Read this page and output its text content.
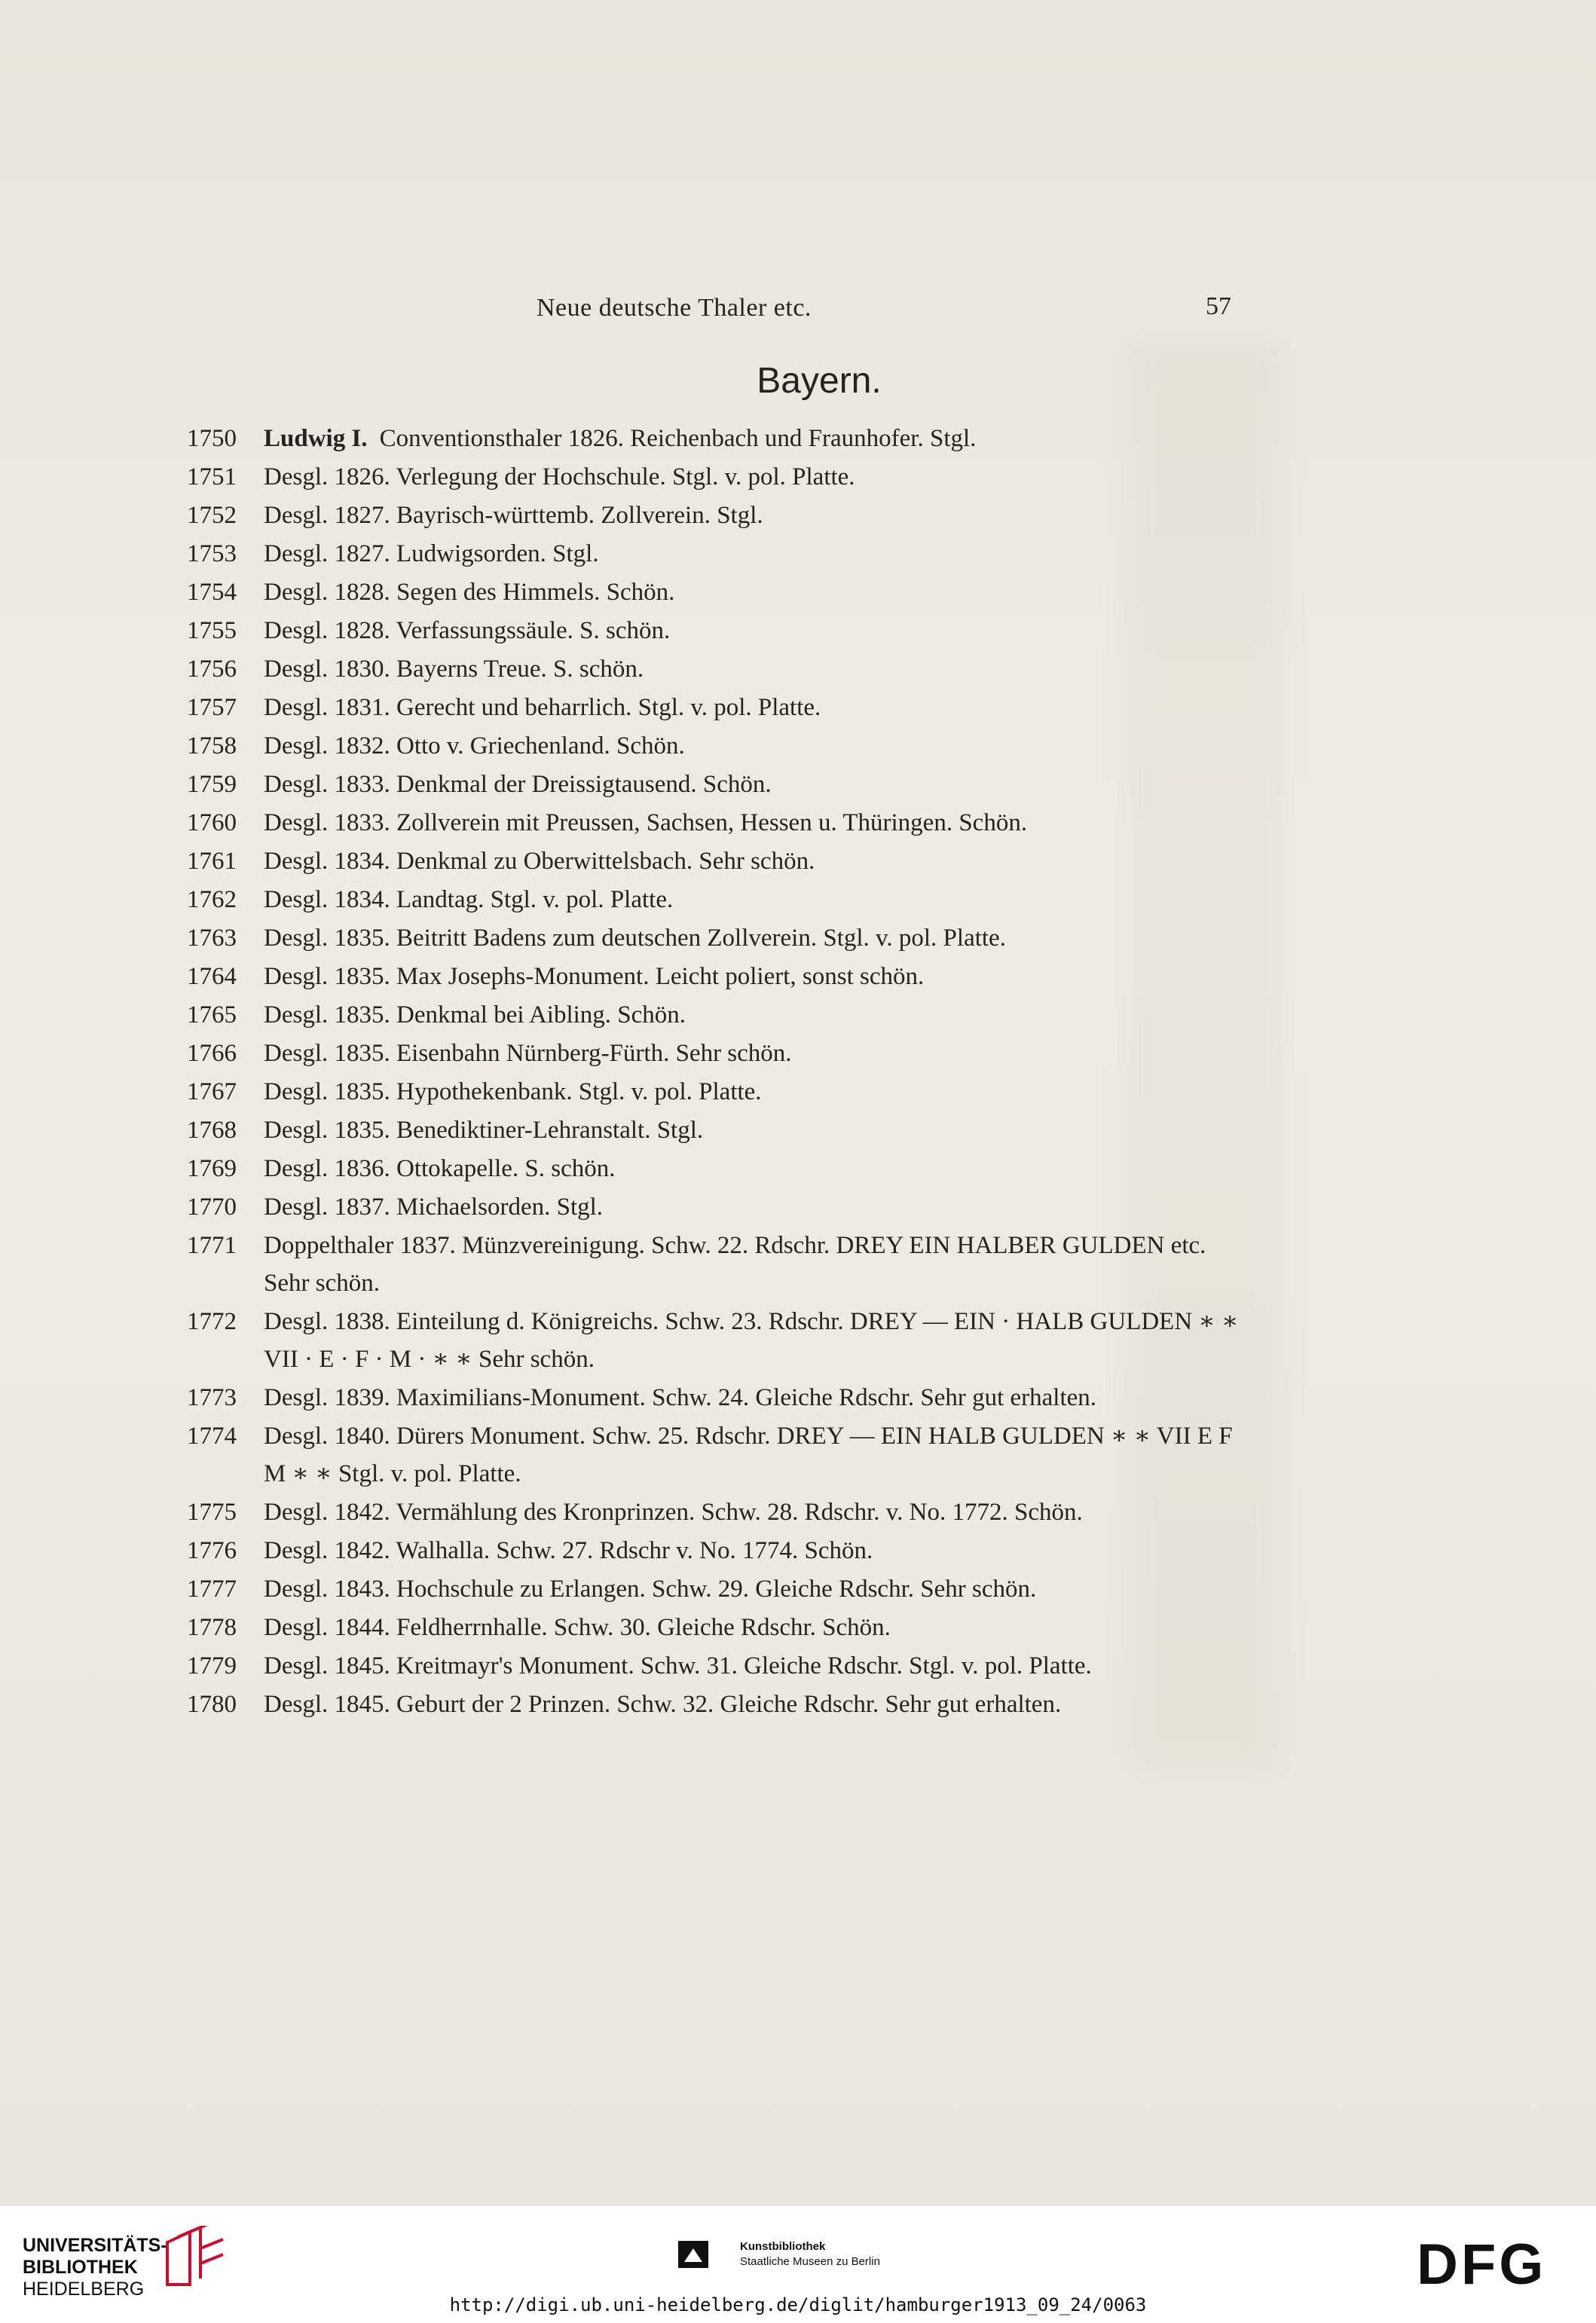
Neue deutsche Thaler etc.	57
Bayern.
1750	Ludwig I. Conventionsthaler 1826. Reichenbach und Fraunhofer. Stgl.
1751	Desgl. 1826. Verlegung der Hochschule. Stgl. v. pol. Platte.
1752	Desgl. 1827. Bayrisch-württemb. Zollverein. Stgl.
1753	Desgl. 1827. Ludwigsorden. Stgl.
1754	Desgl. 1828. Segen des Himmels. Schön.
1755	Desgl. 1828. Verfassungssäule. S. schön.
1756	Desgl. 1830. Bayerns Treue. S. schön.
1757	Desgl. 1831. Gerecht und beharrlich. Stgl. v. pol. Platte.
1758	Desgl. 1832. Otto v. Griechenland. Schön.
1759	Desgl. 1833. Denkmal der Dreissigtausend. Schön.
1760	Desgl. 1833. Zollverein mit Preussen, Sachsen, Hessen u. Thüringen. Schön.
1761	Desgl. 1834. Denkmal zu Oberwittelsbach. Sehr schön.
1762	Desgl. 1834. Landtag. Stgl. v. pol. Platte.
1763	Desgl. 1835. Beitritt Badens zum deutschen Zollverein. Stgl. v. pol. Platte.
1764	Desgl. 1835. Max Josephs-Monument. Leicht poliert, sonst schön.
1765	Desgl. 1835. Denkmal bei Aibling. Schön.
1766	Desgl. 1835. Eisenbahn Nürnberg-Fürth. Sehr schön.
1767	Desgl. 1835. Hypothekenbank. Stgl. v. pol. Platte.
1768	Desgl. 1835. Benediktiner-Lehranstalt. Stgl.
1769	Desgl. 1836. Ottokapelle. S. schön.
1770	Desgl. 1837. Michaelsorden. Stgl.
1771	Doppelthaler 1837. Münzvereinigung. Schw. 22. Rdschr. DREY EIN HALBER GULDEN etc. Sehr schön.
1772	Desgl. 1838. Einteilung d. Königreichs. Schw. 23. Rdschr. DREY — EIN · HALB GULDEN ∗ ∗ VII · E · F · M · ∗ ∗ Sehr schön.
1773	Desgl. 1839. Maximilians-Monument. Schw. 24. Gleiche Rdschr. Sehr gut erhalten.
1774	Desgl. 1840. Dürers Monument. Schw. 25. Rdschr. DREY — EIN HALB GULDEN ∗ ∗ VII E F M ∗ ∗ Stgl. v. pol. Platte.
1775	Desgl. 1842. Vermählung des Kronprinzen. Schw. 28. Rdschr. v. No. 1772. Schön.
1776	Desgl. 1842. Walhalla. Schw. 27. Rdschr v. No. 1774. Schön.
1777	Desgl. 1843. Hochschule zu Erlangen. Schw. 29. Gleiche Rdschr. Sehr schön.
1778	Desgl. 1844. Feldherrnhalle. Schw. 30. Gleiche Rdschr. Schön.
1779	Desgl. 1845. Kreitmayr's Monument. Schw. 31. Gleiche Rdschr. Stgl. v. pol. Platte.
1780	Desgl. 1845. Geburt der 2 Prinzen. Schw. 32. Gleiche Rdschr. Sehr gut erhalten.
UNIVERSITÄTS-
BIBLIOTHEK
HEIDELBERG
Kunstbibliothek
Staatliche Museen zu Berlin	DFG
http://digi.ub.uni-heidelberg.de/diglit/hamburger1913_09_24/0063
